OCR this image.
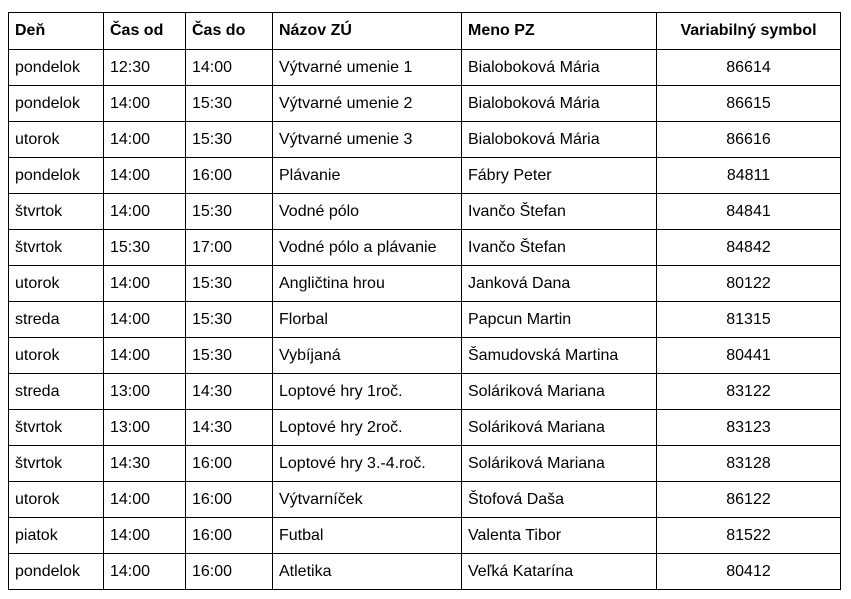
Deň	Čas od	Čas do	Názov ZÚ	Meno PZ	Variabilný symbol
pondelok	12:30	14:00	Výtvarné umenie 1	Bialoboková Mária	86614
pondelok	14:00	15:30	Výtvarné umenie 2	Bialoboková Mária	86615
utorok	14:00	15:30	Výtvarné umenie 3	Bialoboková Mária	86616
pondelok	14:00	16:00	Plávanie	Fábry Peter	84811
štvrtok	14:00	15:30	Vodné pólo	Ivančo Štefan	84841
štvrtok	15:30	17:00	Vodné pólo a plávanie	Ivančo Štefan	84842
utorok	14:00	15:30	Angličtina hrou	Janková Dana	80122
streda	14:00	15:30	Florbal	Papcun Martin	81315
utorok	14:00	15:30	Vybíjaná	Šamudovská Martina	80441
streda	13:00	14:30	Loptové hry 1roč.	Soláriková Mariana	83122
štvrtok	13:00	14:30	Loptové hry 2roč.	Soláriková Mariana	83123
štvrtok	14:30	16:00	Loptové hry 3.-4.roč.	Soláriková Mariana	83128
utorok	14:00	16:00	Výtvarníček	Štofová Daša	86122
piatok	14:00	16:00	Futbal	Valenta Tibor	81522
pondelok	14:00	16:00	Atletika	Veľká Katarína	80412
